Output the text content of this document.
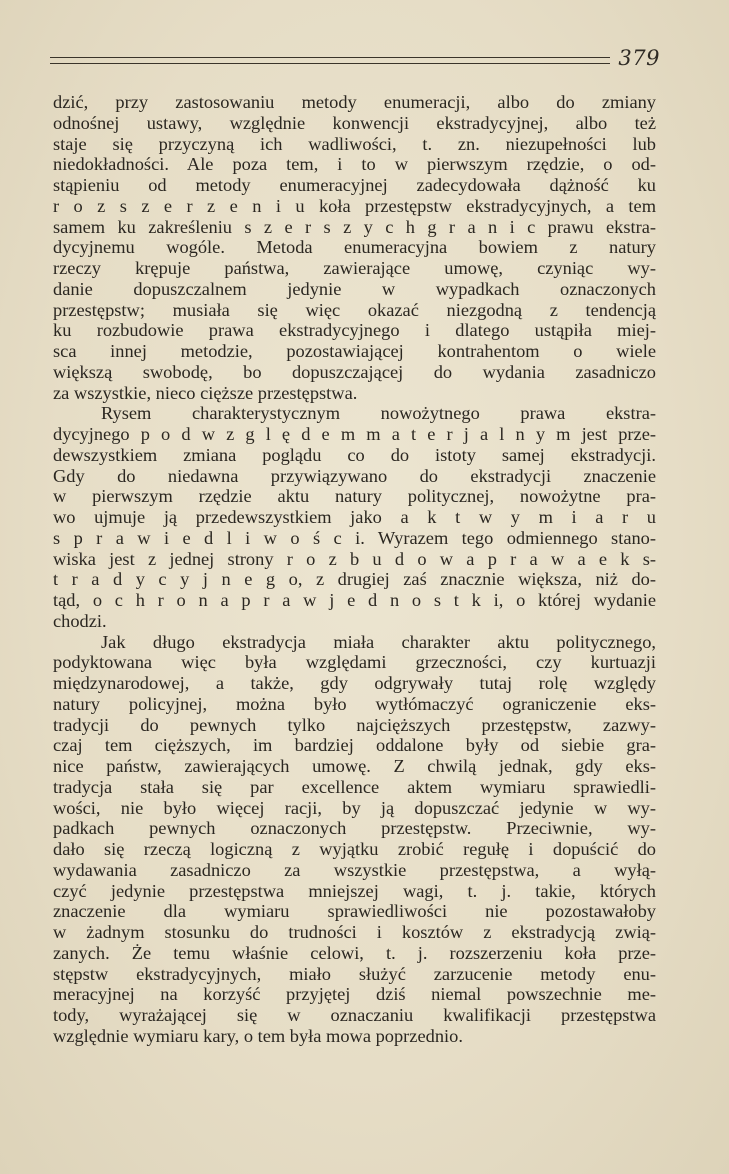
379
dzić, przy zastosowaniu metody enumeracji, albo do zmiany
odnośnej ustawy, względnie konwencji ekstradycyjnej, albo też
staje się przyczyną ich wadliwości, t. zn. niezupełności lub
niedokładności. Ale poza tem, i to w pierwszym rzędzie, o od-
stąpieniu od metody enumeracyjnej zadecydowała dążność ku
r o z s z e r z e n i u koła przestępstw ekstradycyjnych, a tem
samem ku zakreśleniu s z e r s z y c h g r a n i c prawu ekstra-
dycyjnemu wogóle. Metoda enumeracyjna bowiem z natury
rzeczy krępuje państwa, zawierające umowę, czyniąc wy-
danie dopuszczalnem jedynie w wypadkach oznaczonych
przestępstw; musiała się więc okazać niezgodną z tendencją
ku rozbudowie prawa ekstradycyjnego i dlatego ustąpiła miej-
sca innej metodzie, pozostawiającej kontrahentom o wiele
większą swobodę, bo dopuszczającej do wydania zasadniczo
za wszystkie, nieco cięższe przestępstwa.
Rysem charakterystycznym nowożytnego prawa ekstra-
dycyjnego p o d w z g l ę d e m m a t e r j a l n y m jest prze-
dewszystkiem zmiana poglądu co do istoty samej ekstradycji.
Gdy do niedawna przywiązywano do ekstradycji znaczenie
w pierwszym rzędzie aktu natury politycznej, nowożytne pra-
wo ujmuje ją przedewszystkiem jako a k t w y m i a r u
s p r a w i e d l i w o ś c i. Wyrazem tego odmiennego stano-
wiska jest z jednej strony r o z b u d o w a p r a w a e k s-
t r a d y c y j n e g o, z drugiej zaś znacznie większa, niż do-
tąd, o c h r o n a p r a w j e d n o s t k i, o której wydanie
chodzi.
Jak długo ekstradycja miała charakter aktu politycznego,
podyktowana więc była względami grzeczności, czy kurtuazji
międzynarodowej, a także, gdy odgrywały tutaj rolę względy
natury policyjnej, można było wytłómaczyć ograniczenie eks-
tradycji do pewnych tylko najcięższych przestępstw, zazwy-
czaj tem cięższych, im bardziej oddalone były od siebie gra-
nice państw, zawierających umowę. Z chwilą jednak, gdy eks-
tradycja stała się par excellence aktem wymiaru sprawiedli-
wości, nie było więcej racji, by ją dopuszczać jedynie w wy-
padkach pewnych oznaczonych przestępstw. Przeciwnie, wy-
dało się rzeczą logiczną z wyjątku zrobić regułę i dopuścić do
wydawania zasadniczo za wszystkie przestępstwa, a wyłą-
czyć jedynie przestępstwa mniejszej wagi, t. j. takie, których
znaczenie dla wymiaru sprawiedliwości nie pozostawałoby
w żadnym stosunku do trudności i kosztów z ekstradycją zwią-
zanych. Że temu właśnie celowi, t. j. rozszerzeniu koła prze-
stępstw ekstradycyjnych, miało służyć zarzucenie metody enu-
meracyjnej na korzyść przyjętej dziś niemal powszechnie me-
tody, wyrażającej się w oznaczaniu kwalifikacji przestępstwa
względnie wymiaru kary, o tem była mowa poprzednio.
